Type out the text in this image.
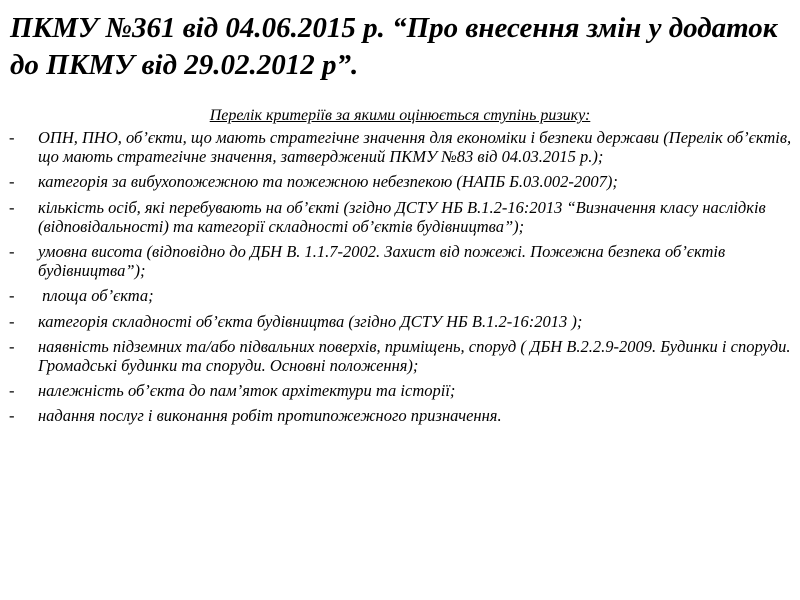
ПКМУ №361 від 04.06.2015 р. “Про внесення змін у додаток до ПКМУ від 29.02.2012 р”.

Перелік критеріїв за якими оцінюється ступінь ризику:

- ОПН, ПНО, об’єкти, що мають стратегічне значення для економіки і безпеки держави (Перелік об’єктів, що мають стратегічне значення, затверджений ПКМУ №83 від 04.03.2015 р.);
- категорія за вибухопожежною та пожежною небезпекою (НАПБ Б.03.002-2007);
- кількість осіб, які перебувають на об’єкті (згідно ДСТУ НБ В.1.2-16:2013 “Визначення класу наслідків (відповідальності) та категорії складності об’єктів будівництва”);
- умовна висота (відповідно до ДБН В. 1.1.7-2002. Захист від пожежі. Пожежна безпека об’єктів будівництва”);
- площа об’єкта;
- категорія складності об’єкта будівництва (згідно ДСТУ НБ В.1.2-16:2013 );
- наявність підземних та/або підвальних поверхів, приміщень, споруд ( ДБН В.2.2.9-2009. Будинки і споруди. Громадські будинки та споруди. Основні положення);
- належність об’єкта до пам’яток архітектури та історії;
- надання послуг і виконання робіт протипожежного призначення.
